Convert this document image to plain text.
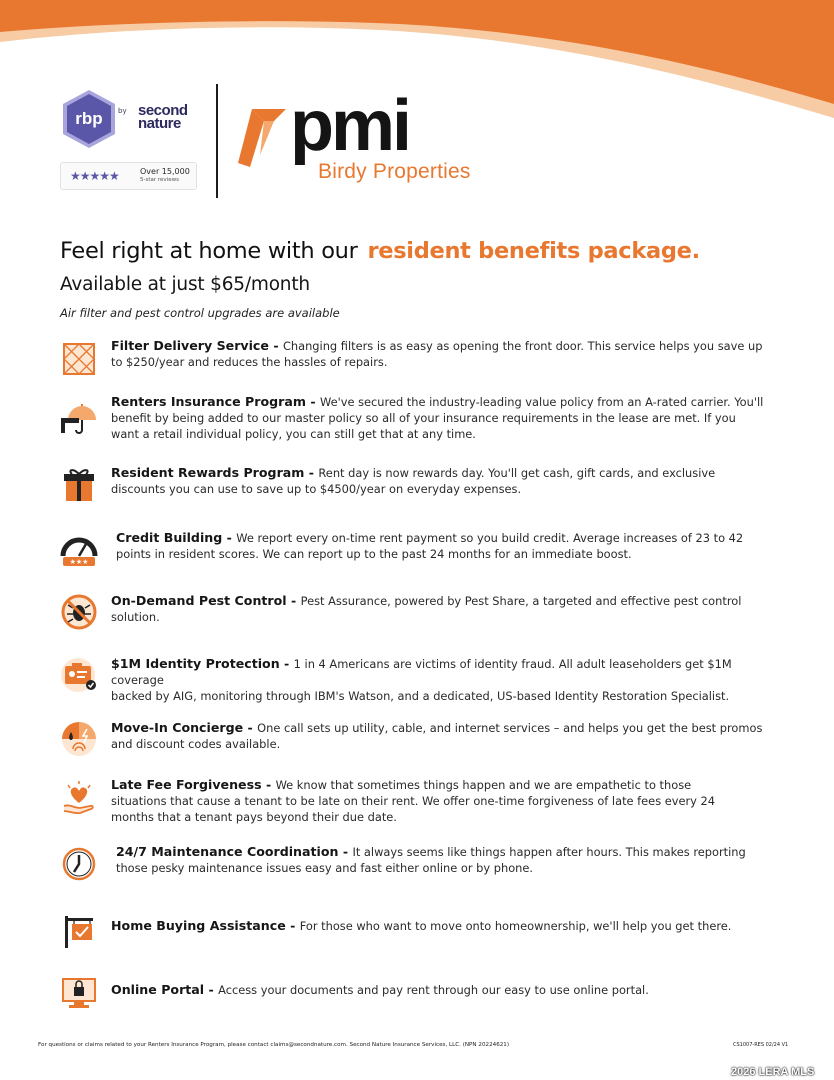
rbp by second
nature
★★★★★	Over 15,000
5-star reviews
pmi
Birdy Properties
Feel right at home with our resident benefits package.
Available at just $65/month
Air filter and pest control upgrades are available
Filter Delivery Service - Changing filters is as easy as opening the front door. This service helps you save up
to $250/year and reduces the hassles of repairs.
Renters Insurance Program - We've secured the industry-leading value policy from an A-rated carrier. You'll
benefit by being added to our master policy so all of your insurance requirements in the lease are met. If you
want a retail individual policy, you can still get that at any time.
Resident Rewards Program - Rent day is now rewards day. You'll get cash, gift cards, and exclusive
discounts you can use to save up to $4500/year on everyday expenses.
★★★
Credit Building - We report every on-time rent payment so you build credit. Average increases of 23 to 42
points in resident scores. We can report up to the past 24 months for an immediate boost.
On-Demand Pest Control - Pest Assurance, powered by Pest Share, a targeted and effective pest control
solution.
$1M Identity Protection - 1 in 4 Americans are victims of identity fraud. All adult leaseholders get $1M coverage
backed by AIG, monitoring through IBM's Watson, and a dedicated, US-based Identity Restoration Specialist.
Move-In Concierge - One call sets up utility, cable, and internet services – and helps you get the best promos
and discount codes available.
Late Fee Forgiveness - We know that sometimes things happen and we are empathetic to those
situations that cause a tenant to be late on their rent. We offer one-time forgiveness of late fees every 24
months that a tenant pays beyond their due date.
24/7 Maintenance Coordination - It always seems like things happen after hours. This makes reporting
those pesky maintenance issues easy and fast either online or by phone.
Home Buying Assistance - For those who want to move onto homeownership, we'll help you get there.
Online Portal - Access your documents and pay rent through our easy to use online portal.
For questions or claims related to your Renters Insurance Program, please contact claims@secondnature.com. Second Nature Insurance Services, LLC. (NPN 20224621)	CS1007-RES 02/24 V1
2026 LERA MLS
